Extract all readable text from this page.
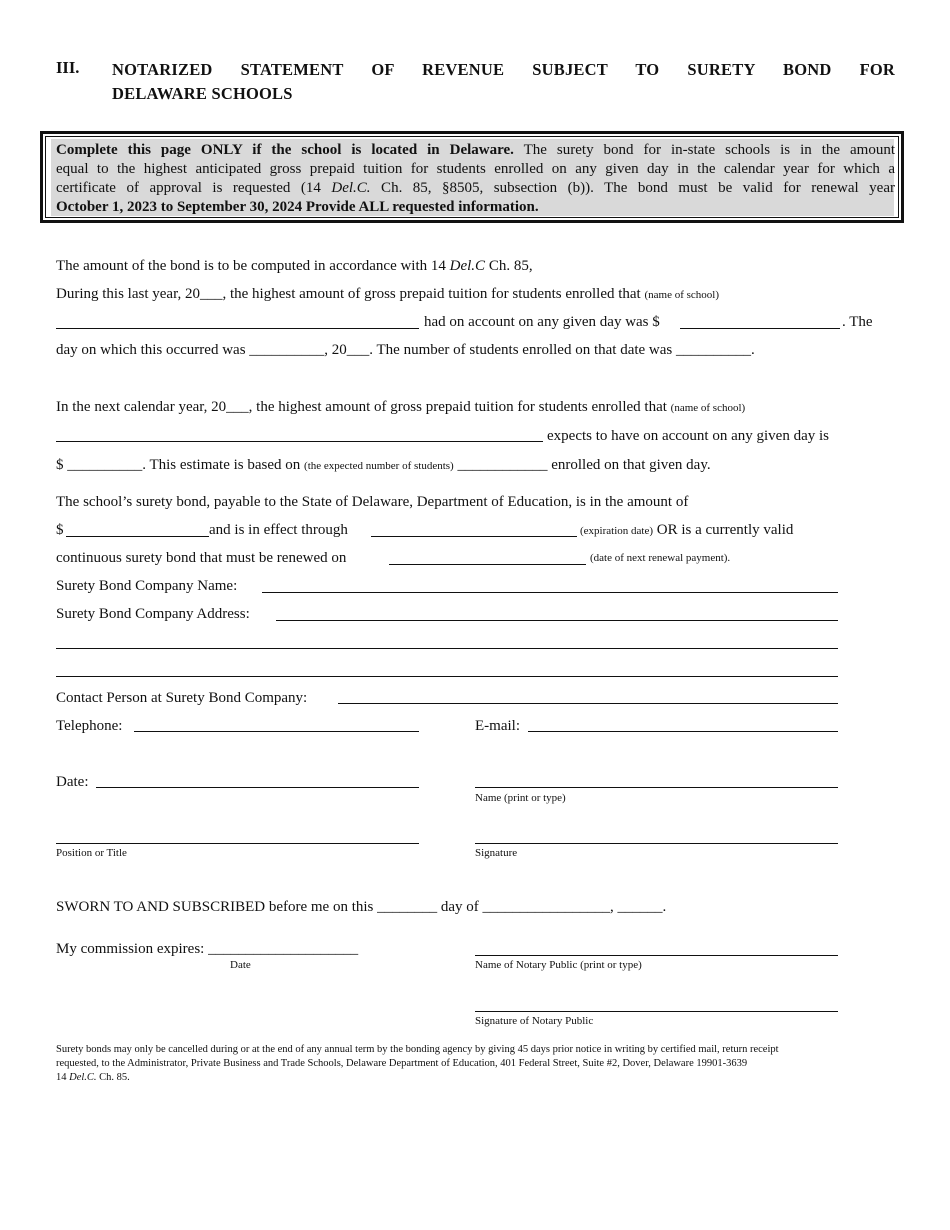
III. NOTARIZED STATEMENT OF REVENUE SUBJECT TO SURETY BOND FOR
DELAWARE SCHOOLS
Complete this page ONLY if the school is located in Delaware. The surety bond for in-state schools is in the amount
equal to the highest anticipated gross prepaid tuition for students enrolled on any given day in the calendar year for which a
certificate of approval is requested (14 Del.C. Ch. 85, §8505, subsection (b)). The bond must be valid for renewal year
October 1, 2023 to September 30, 2024 Provide ALL requested information.
The amount of the bond is to be computed in accordance with 14 Del.C Ch. 85,
During this last year, 20___, the highest amount of gross prepaid tuition for students enrolled that (name of school)
had on account on any given day was $	. The
day on which this occurred was __________, 20___. The number of students enrolled on that date was __________.
In the next calendar year, 20___, the highest amount of gross prepaid tuition for students enrolled that (name of school)
expects to have on account on any given day is
$ __________. This estimate is based on (the expected number of students) ____________ enrolled on that given day.
The school’s surety bond, payable to the State of Delaware, Department of Education, is in the amount of
$	and is in effect through	(expiration date) OR is a currently valid
continuous surety bond that must be renewed on	(date of next renewal payment).
Surety Bond Company Name:
Surety Bond Company Address:
Contact Person at Surety Bond Company:
Telephone:	E-mail:
Date:
Name (print or type)
Position or Title	Signature
SWORN TO AND SUBSCRIBED before me on this ________ day of _________________, ______.
My commission expires: ____________________
Date	Name of Notary Public (print or type)
Signature of Notary Public
Surety bonds may only be cancelled during or at the end of any annual term by the bonding agency by giving 45 days prior notice in writing by certified mail, return receipt
requested, to the Administrator, Private Business and Trade Schools, Delaware Department of Education, 401 Federal Street, Suite #2, Dover, Delaware 19901-3639
14 Del.C. Ch. 85.
